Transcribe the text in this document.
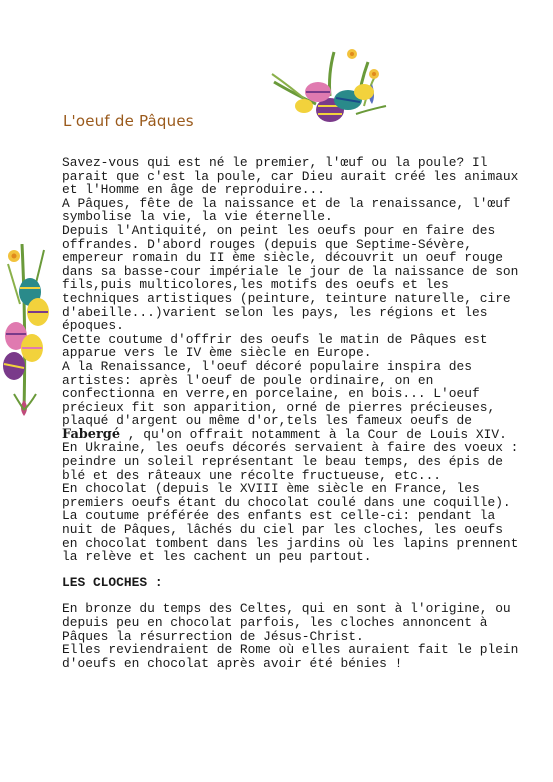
L'oeuf de Pâques

Savez-vous qui est né le premier, l'œuf ou la poule? Il parait que c'est la poule, car Dieu aurait créé les animaux et l'Homme en âge de reproduire...

A Pâques, fête de la naissance et de la renaissance, l'œuf symbolise la vie, la vie éternelle.

Depuis l'Antiquité, on peint les oeufs pour en faire des offrandes. D'abord rouges (depuis que Septime-Sévère, empereur romain du II ème siècle, découvrit un oeuf rouge dans sa basse-cour impériale le jour de la naissance de son fils,puis multicolores,les motifs des oeufs et les techniques artistiques (peinture, teinture naturelle, cire d'abeille...)varient selon les pays, les régions et les époques.

Cette coutume d'offrir des oeufs le matin de Pâques est apparue vers le IV ème siècle en Europe.

A la Renaissance, l'oeuf décoré populaire inspira des artistes: après l'oeuf de poule ordinaire, on en confectionna en verre,en porcelaine, en bois... L'oeuf précieux fit son apparition, orné de pierres précieuses, plaqué d'argent ou même d'or,tels les fameux oeufs de Fabergé , qu'on offrait notamment à la Cour de Louis XIV.

En Ukraine, les oeufs décorés servaient à faire des voeux : peindre un soleil représentant le beau temps, des épis de blé et des râteaux une récolte fructueuse, etc...

En chocolat (depuis le XVIII ème siècle en France, les premiers oeufs étant du chocolat coulé dans une coquille).

La coutume préférée des enfants est celle-ci: pendant la nuit de Pâques, lâchés du ciel par les cloches, les oeufs en chocolat tombent dans les jardins où les lapins prennent la relève et les cachent un peu partout.

LES CLOCHES :

En bronze du temps des Celtes, qui en sont à l'origine, ou depuis peu en chocolat parfois, les cloches annoncent à Pâques la résurrection de Jésus-Christ.

Elles reviendraient de Rome où elles auraient fait le plein d'oeufs en chocolat après avoir été bénies !
